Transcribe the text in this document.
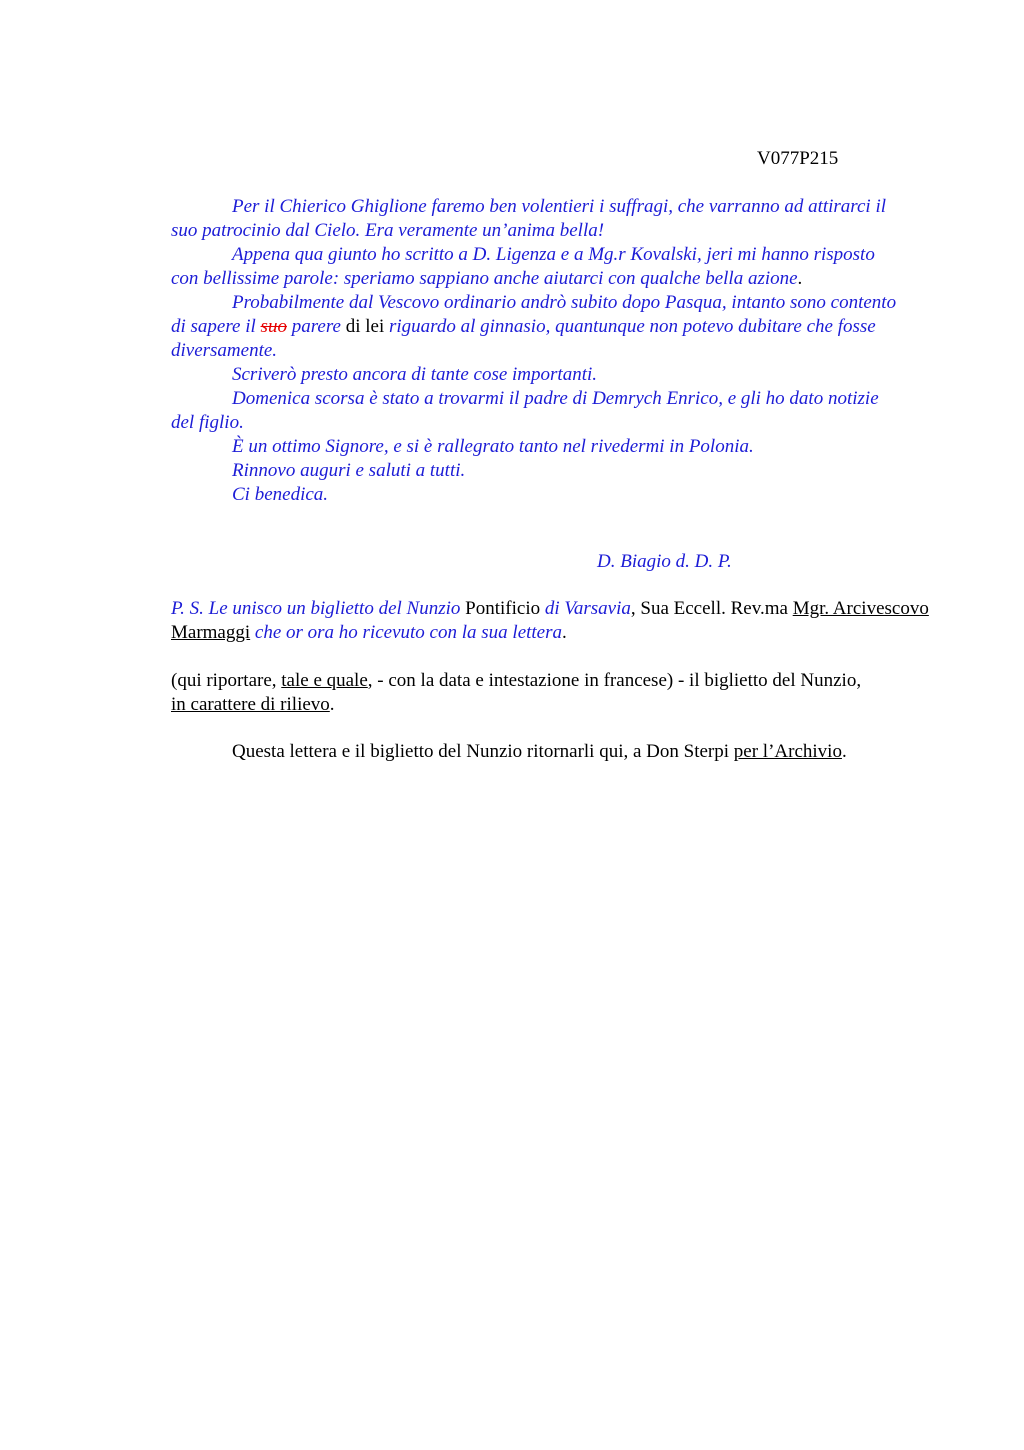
V077P215

Per il Chierico Ghiglione faremo ben volentieri i suffragi, che varranno ad attirarci il suo patrocinio dal Cielo. Era veramente un’anima bella!

Appena qua giunto ho scritto a D. Ligenza e a Mg.r Kovalski, jeri mi hanno risposto con bellissime parole: speriamo sappiano anche aiutarci con qualche bella azione.

Probabilmente dal Vescovo ordinario andrò subito dopo Pasqua, intanto sono contento di sapere il suo parere di lei riguardo al ginnasio, quantunque non potevo dubitare che fosse diversamente.

Scriverò presto ancora di tante cose importanti.

Domenica scorsa è stato a trovarmi il padre di Demrych Enrico, e gli ho dato notizie del figlio.

È un ottimo Signore, e si è rallegrato tanto nel rivedermi in Polonia.

Rinnovo auguri e saluti a tutti.

Ci benedica.

D. Biagio d. D. P.
P. S. Le unisco un biglietto del Nunzio Pontificio di Varsavia, Sua Eccell. Rev.ma Mgr. Arcivescovo Marmaggi che or ora ho ricevuto con la sua lettera.
(qui riportare, tale e quale, - con la data e intestazione in francese) - il biglietto del Nunzio, in carattere di rilievo.
Questa lettera e il biglietto del Nunzio ritornarli qui, a Don Sterpi per l’Archivio.
